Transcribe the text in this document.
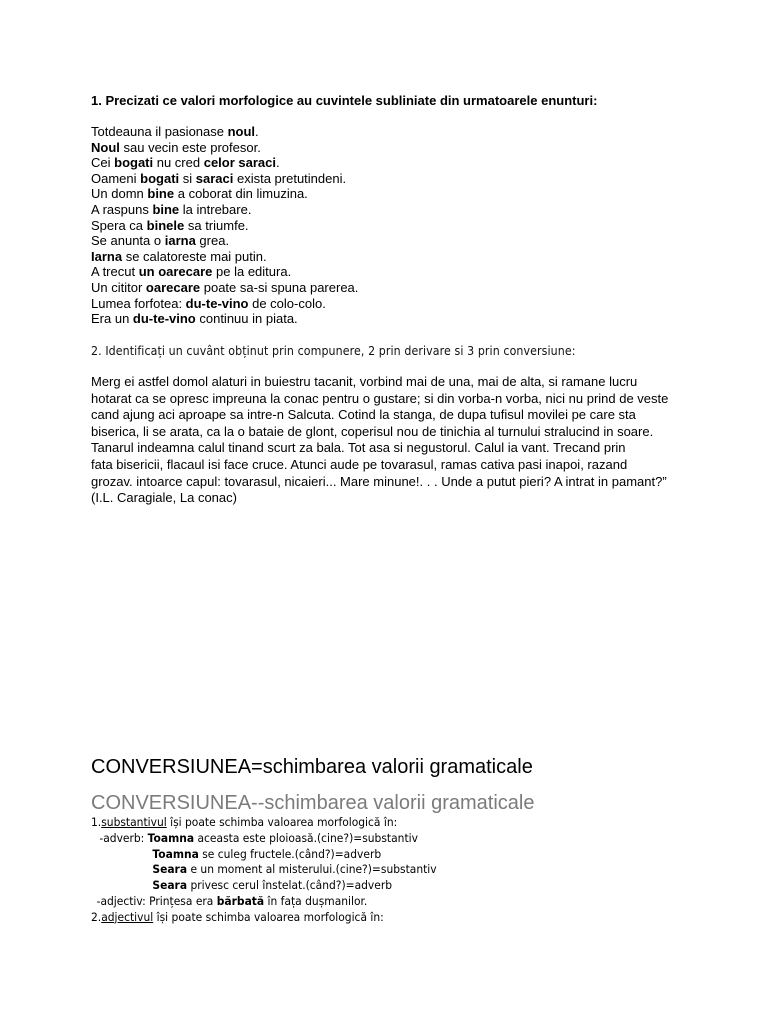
1. Precizati ce valori morfologice au cuvintele subliniate din urmatoarele enunturi:
Totdeauna il pasionase noul.
Noul sau vecin este profesor.
Cei bogati nu cred celor saraci.
Oameni bogati si saraci exista pretutindeni.
Un domn bine a coborat din limuzina.
A raspuns bine la intrebare.
Spera ca binele sa triumfe.
Se anunta o iarna grea.
Iarna se calatoreste mai putin.
A trecut un oarecare pe la editura.
Un cititor oarecare poate sa-si spuna parerea.
Lumea forfotea: du-te-vino de colo-colo.
Era un du-te-vino continuu in piata.
2. Identificați un cuvânt obținut prin compunere, 2 prin derivare si 3 prin conversiune:
Merg ei astfel domol alaturi in buiestru tacanit, vorbind mai de una, mai de alta, si ramane lucru
hotarat ca se opresc impreuna la conac pentru o gustare; si din vorba-n vorba, nici nu prind de veste
cand ajung aci aproape sa intre-n Salcuta. Cotind la stanga, de dupa tufisul movilei pe care sta
biserica, li se arata, ca la o bataie de glont, coperisul nou de tinichia al turnului stralucind in soare.
Tanarul indeamna calul tinand scurt za bala. Tot asa si negustorul. Calul ia vant. Trecand prin
fata bisericii, flacaul isi face cruce. Atunci aude pe tovarasul, ramas cativa pasi inapoi, razand
grozav. intoarce capul: tovarasul, nicaieri... Mare minune!. . . Unde a putut pieri? A intrat in pamant?”
(I.L. Caragiale, La conac)
CONVERSIUNEA=schimbarea valorii gramaticale
CONVERSIUNEA--schimbarea valorii gramaticale
1.substantivul își poate schimba valoarea morfologică în:
-adverb: Toamna aceasta este ploioasă.(cine?)=substantiv
Toamna se culeg fructele.(când?)=adverb
Seara e un moment al misterului.(cine?)=substantiv
Seara privesc cerul înstelat.(când?)=adverb
-adjectiv: Prințesa era bărbată în fața dușmanilor.
2.adjectivul își poate schimba valoarea morfologică în:
